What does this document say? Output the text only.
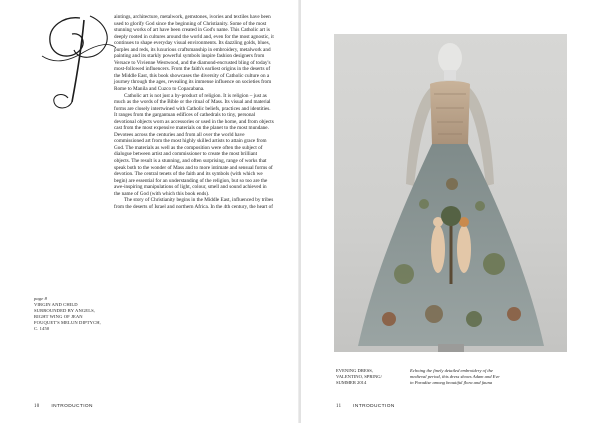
aintings, architecture, metalwork, gemstones, ivories and textiles have been used to glorify God since the beginning of Christianity. Some of the most stunning works of art have been created in God's name. This Catholic art is deeply rooted in cultures around the world and, even for the most agnostic, it continues to shape everyday visual environments. Its dazzling golds, blues, purples and reds, its luxurious craftsmanship in embroidery, metalwork and painting and its starkly powerful symbols inspire fashion designers from Versace to Vivienne Westwood, and the diamond-encrusted bling of today's most-followed influencers. From the faith's earliest origins in the deserts of the Middle East, this book showcases the diversity of Catholic culture on a journey through the ages, revealing its immense influence on societies from Rome to Manila and Cuzco to Copacabana.

Catholic art is not just a by-product of religion. It is religion – just as much as the words of the Bible or the ritual of Mass. Its visual and material forms are closely intertwined with Catholic beliefs, practices and identities. It ranges from the gargantuan edifices of cathedrals to tiny, personal devotional objects worn as accessories or used in the home, and from objects cast from the most expensive materials on the planet to the most mundane. Devotees across the centuries and from all over the world have commissioned art from the most highly skilled artists to attain grace from God. The materials as well as the composition were often the subject of dialogue between artist and commissioner to create the most brilliant objects. The result is a stunning, and often surprising, range of works that speak both to the wonder of Mass and to more intimate and sensual forms of devotion. The central tenets of the faith and its symbols (with which we begin) are essential for an understanding of the religion, but so too are the awe-inspiring manipulations of light, colour, smell and sound achieved in the name of God (with which this book ends).

The story of Christianity begins in the Middle East, influenced by tribes from the deserts of Israel and northern Africa. In the 4th century, the heart of

page 8
VIRGIN AND CHILD SURROUNDED BY ANGELS, RIGHT WING OF JEAN FOUQUET'S MELUN DIPTYCH, C. 1450
10 INTRODUCTION
EVENING DRESS, VALENTINO, SPRING/ SUMMER 2014
Echoing the finely detailed embroidery of the medieval period, this dress shows Adam and Eve in Paradise among beautiful flora and fauna
11 INTRODUCTION
